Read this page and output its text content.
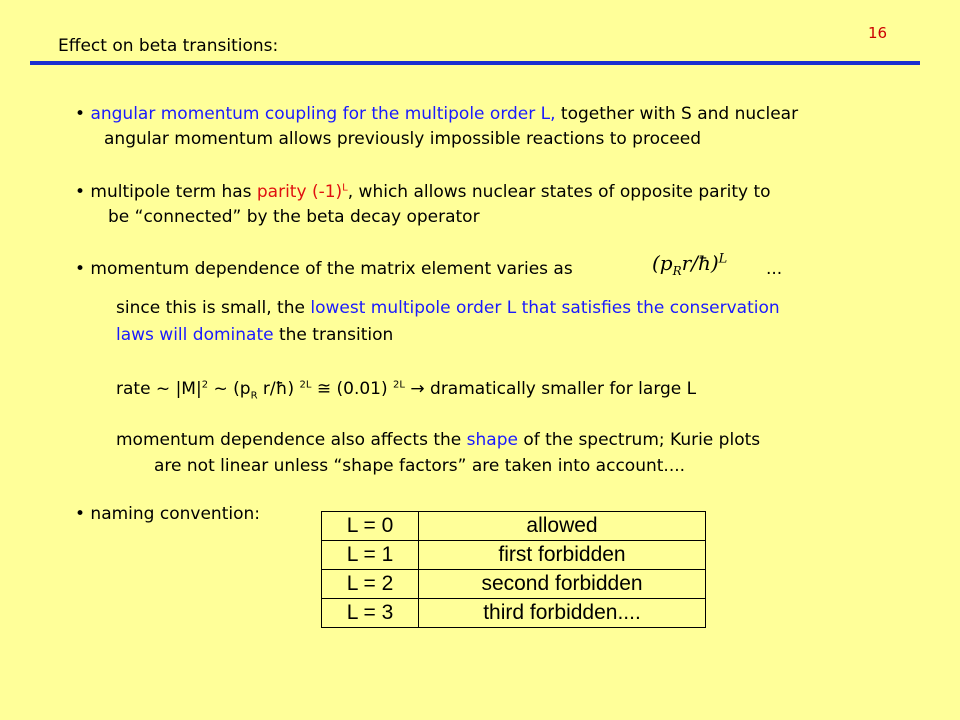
16
Effect on beta transitions:
• angular momentum coupling for the multipole order L, together with S and nuclear
angular momentum allows previously impossible reactions to proceed
• multipole term has parity $(-1)^L$, which allows nuclear states of opposite parity to
be “connected” by the beta decay operator
• momentum dependence of the matrix element varies as	$(p_Rr/ħ)^L$
...
since this is small, the lowest multipole order L that satisfies the conservation
laws will dominate the transition
rate ~ $|M|^2$ ~ ($p_R$ r/ħ) $^{2L}$ ≅ (0.01) $^{2L}$ → dramatically smaller for large L
momentum dependence also affects the shape of the spectrum; Kurie plots
are not linear unless “shape factors” are taken into account....
• naming convention:	L = 0	allowed
L = 1	first forbidden
L = 2	second forbidden
L = 3	third forbidden....
